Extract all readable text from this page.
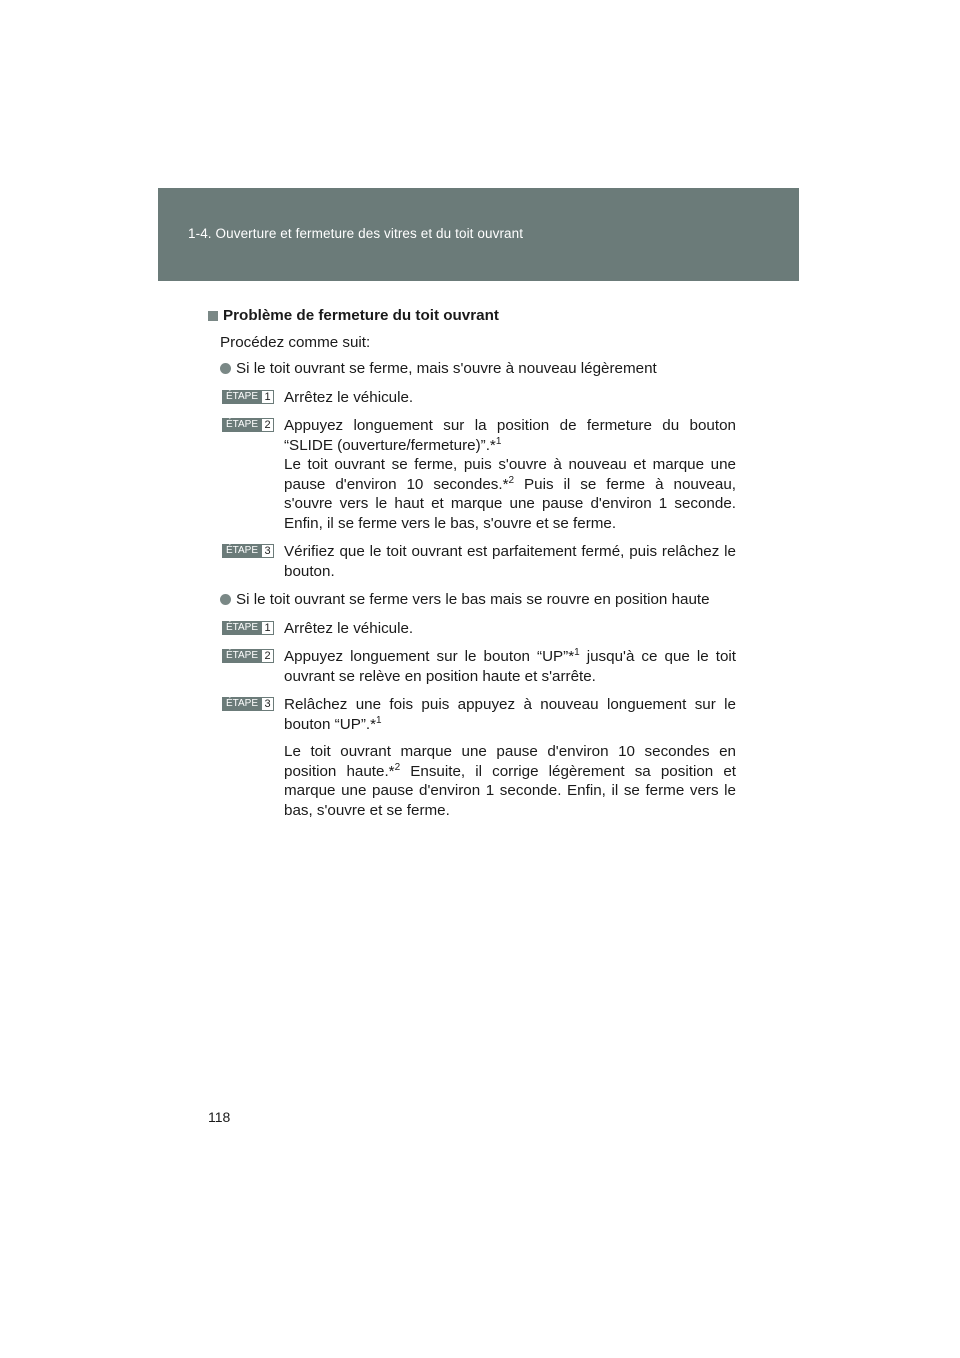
1-4. Ouverture et fermeture des vitres et du toit ouvrant
Problème de fermeture du toit ouvrant
Procédez comme suit:
Si le toit ouvrant se ferme, mais s'ouvre à nouveau légèrement
ÉTAPE 1 Arrêtez le véhicule.
ÉTAPE 2 Appuyez longuement sur la position de fermeture du bouton “SLIDE (ouverture/fermeture)”.*$^1$

Le toit ouvrant se ferme, puis s'ouvre à nouveau et marque une pause d'environ 10 secondes.*$^2$ Puis il se ferme à nouveau, s'ouvre vers le haut et marque une pause d'environ 1 seconde. Enfin, il se ferme vers le bas, s'ouvre et se ferme.

ÉTAPE 3 Vérifiez que le toit ouvrant est parfaitement fermé, puis relâchez le bouton.
Si le toit ouvrant se ferme vers le bas mais se rouvre en position haute
ÉTAPE 1 Arrêtez le véhicule.
ÉTAPE 2 Appuyez longuement sur le bouton “UP”*$^1$ jusqu'à ce que le toit ouvrant se relève en position haute et s'arrête.

ÉTAPE 3 Relâchez une fois puis appuyez à nouveau longuement sur le bouton “UP”.*$^1$

Le toit ouvrant marque une pause d'environ 10 secondes en position haute.*$^2$ Ensuite, il corrige légèrement sa position et marque une pause d'environ 1 seconde. Enfin, il se ferme vers le bas, s'ouvre et se ferme.

118
